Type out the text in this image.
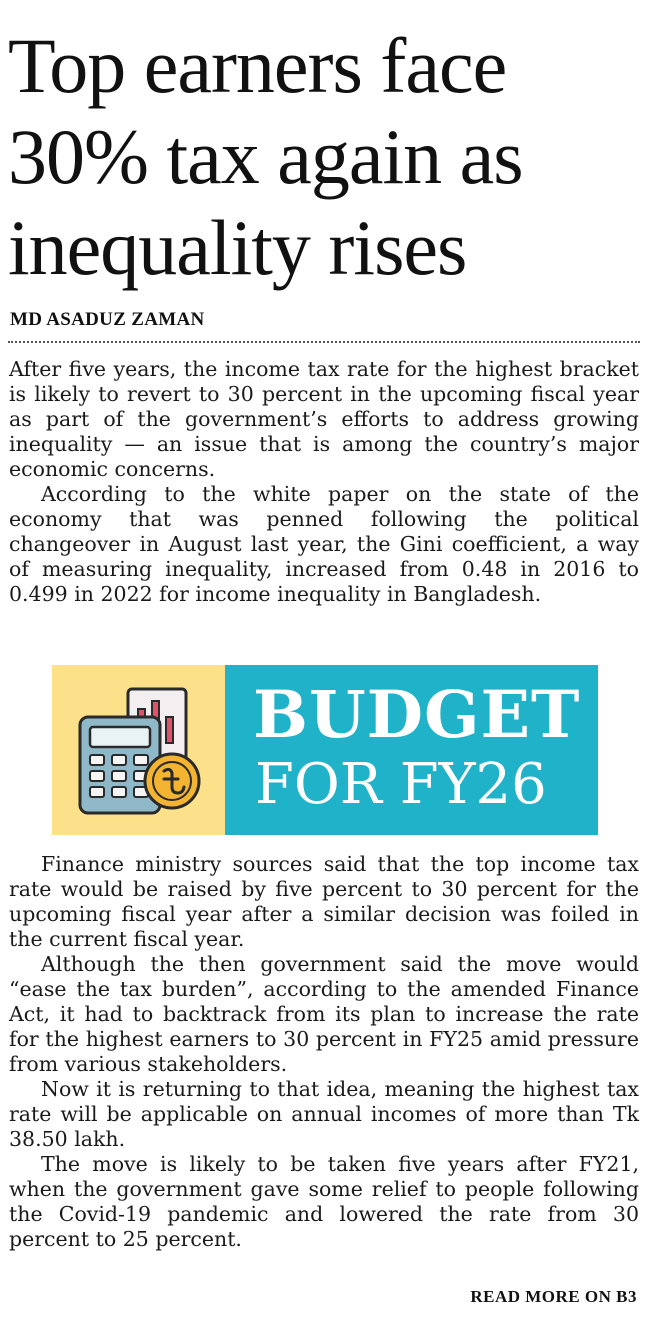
Top earners face 30% tax again as inequality rises
MD ASADUZ ZAMAN

After five years, the income tax rate for the highest bracket is likely to revert to 30 percent in the upcoming fiscal year as part of the government’s efforts to address growing inequality — an issue that is among the country’s major economic concerns.

According to the white paper on the state of the economy that was penned following the political changeover in August last year, the Gini coefficient, a way of measuring inequality, increased from 0.48 in 2016 to 0.499 in 2022 for income inequality in Bangladesh.

BUDGET
FOR FY26

Finance ministry sources said that the top income tax rate would be raised by five percent to 30 percent for the upcoming fiscal year after a similar decision was foiled in the current fiscal year.

Although the then government said the move would “ease the tax burden”, according to the amended Finance Act, it had to backtrack from its plan to increase the rate for the highest earners to 30 percent in FY25 amid pressure from various stakeholders.

Now it is returning to that idea, meaning the highest tax rate will be applicable on annual incomes of more than Tk 38.50 lakh.

The move is likely to be taken five years after FY21, when the government gave some relief to people following the Covid-19 pandemic and lowered the rate from 30 percent to 25 percent.

READ MORE ON B3
